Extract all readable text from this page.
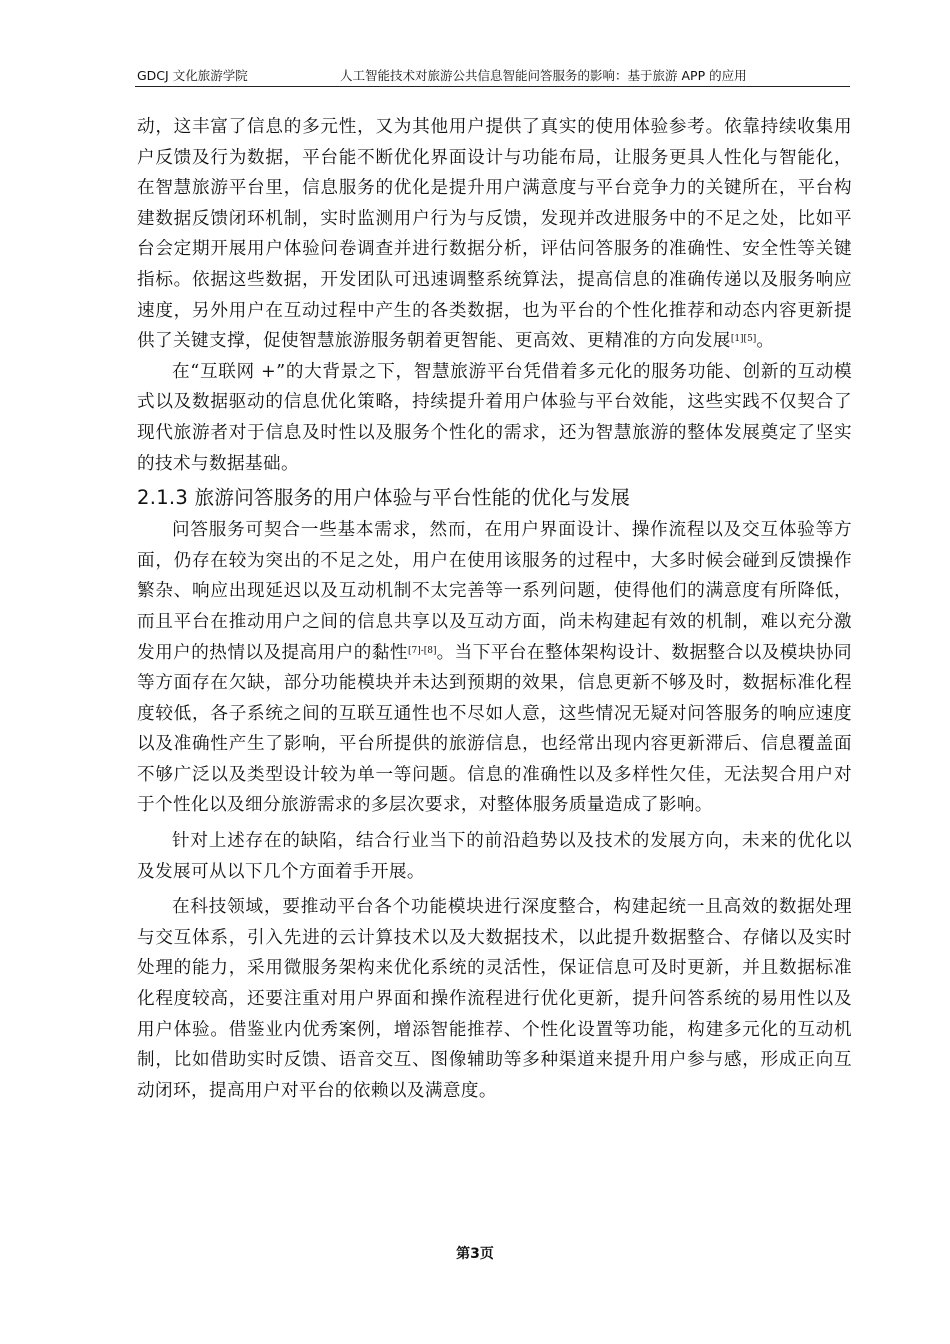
GDCJ 文化旅游学院	人工智能技术对旅游公共信息智能问答服务的影响：基于旅游 APP 的应用

动，这丰富了信息的多元性，又为其他用户提供了真实的使用体验参考。依靠持续收集用户反馈及行为数据，平台能不断优化界面设计与功能布局，让服务更具人性化与智能化，在智慧旅游平台里，信息服务的优化是提升用户满意度与平台竞争力的关键所在，平台构建数据反馈闭环机制，实时监测用户行为与反馈，发现并改进服务中的不足之处，比如平台会定期开展用户体验问卷调查并进行数据分析，评估问答服务的准确性、安全性等关键指标。依据这些数据，开发团队可迅速调整系统算法，提高信息的准确传递以及服务响应速度，另外用户在互动过程中产生的各类数据，也为平台的个性化推荐和动态内容更新提供了关键支撑，促使智慧旅游服务朝着更智能、更高效、更精准的方向发展[1][5]。

在“互联网 +”的大背景之下，智慧旅游平台凭借着多元化的服务功能、创新的互动模式以及数据驱动的信息优化策略，持续提升着用户体验与平台效能，这些实践不仅契合了现代旅游者对于信息及时性以及服务个性化的需求，还为智慧旅游的整体发展奠定了坚实的技术与数据基础。

2.1.3 旅游问答服务的用户体验与平台性能的优化与发展

问答服务可契合一些基本需求，然而，在用户界面设计、操作流程以及交互体验等方面，仍存在较为突出的不足之处，用户在使用该服务的过程中，大多时候会碰到反馈操作繁杂、响应出现延迟以及互动机制不太完善等一系列问题，使得他们的满意度有所降低，而且平台在推动用户之间的信息共享以及互动方面，尚未构建起有效的机制，难以充分激发用户的热情以及提高用户的黏性[7]-[8]。当下平台在整体架构设计、数据整合以及模块协同等方面存在欠缺，部分功能模块并未达到预期的效果，信息更新不够及时，数据标准化程度较低，各子系统之间的互联互通性也不尽如人意，这些情况无疑对问答服务的响应速度以及准确性产生了影响，平台所提供的旅游信息，也经常出现内容更新滞后、信息覆盖面不够广泛以及类型设计较为单一等问题。信息的准确性以及多样性欠佳，无法契合用户对于个性化以及细分旅游需求的多层次要求，对整体服务质量造成了影响。

针对上述存在的缺陷，结合行业当下的前沿趋势以及技术的发展方向，未来的优化以及发展可从以下几个方面着手开展。

在科技领域，要推动平台各个功能模块进行深度整合，构建起统一且高效的数据处理与交互体系，引入先进的云计算技术以及大数据技术，以此提升数据整合、存储以及实时处理的能力，采用微服务架构来优化系统的灵活性，保证信息可及时更新，并且数据标准化程度较高，还要注重对用户界面和操作流程进行优化更新，提升问答系统的易用性以及用户体验。借鉴业内优秀案例，增添智能推荐、个性化设置等功能，构建多元化的互动机制，比如借助实时反馈、语音交互、图像辅助等多种渠道来提升用户参与感，形成正向互动闭环，提高用户对平台的依赖以及满意度。

第3页
